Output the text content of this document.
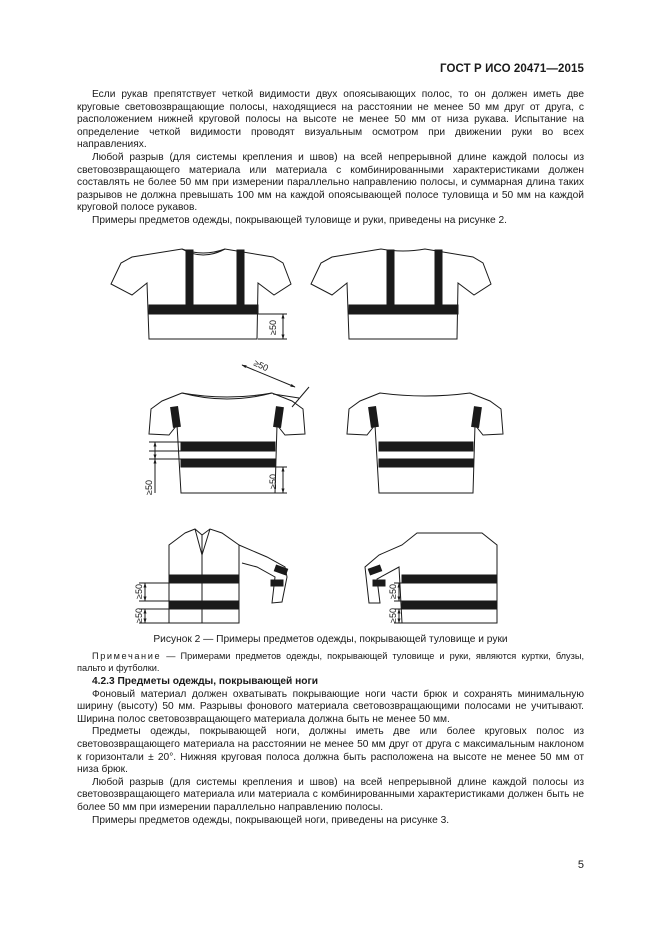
ГОСТ Р ИСО 20471—2015

Если рукав препятствует четкой видимости двух опоясывающих полос, то он должен иметь две круговые световозвращающие полосы, находящиеся на расстоянии не менее 50 мм друг от друга, с расположением нижней круговой полосы на высоте не менее 50 мм от низа рукава. Испытание на определение четкой видимости проводят визуальным осмотром при движении руки во всех направлениях.

Любой разрыв (для системы крепления и швов) на всей непрерывной длине каждой полосы из световозвращающего материала или материала с комбинированными характеристиками должен составлять не более 50 мм при измерении параллельно направлению полосы, и суммарная длина таких разрывов не должна превышать 100 мм на каждой опоясывающей полосе туловища и 50 мм на каждой круговой полосе рукавов.

Примеры предметов одежды, покрывающей туловище и руки, приведены на рисунке 2.

≥50
≥50
≥50	≥50
≥50
≥50
≥50
≥50
Рисунок 2 — Примеры предметов одежды, покрывающей туловище и руки
Примечание — Примерами предметов одежды, покрывающей туловище и руки, являются куртки, блузы, пальто и футболки.

4.2.3 Предметы одежды, покрывающей ноги

Фоновый материал должен охватывать покрывающие ноги части брюк и сохранять минимальную ширину (высоту) 50 мм. Разрывы фонового материала световозвращающими полосами не учитывают. Ширина полос световозвращающего материала должна быть не менее 50 мм.

Предметы одежды, покрывающей ноги, должны иметь две или более круговых полос из световозвращающего материала на расстоянии не менее 50 мм друг от друга с максимальным наклоном к горизонтали ± 20°. Нижняя круговая полоса должна быть расположена на высоте не менее 50 мм от низа брюк.

Любой разрыв (для системы крепления и швов) на всей непрерывной длине каждой полосы из световозвращающего материала или материала с комбинированными характеристиками должен быть не более 50 мм при измерении параллельно направлению полосы.

Примеры предметов одежды, покрывающей ноги, приведены на рисунке 3.

5
